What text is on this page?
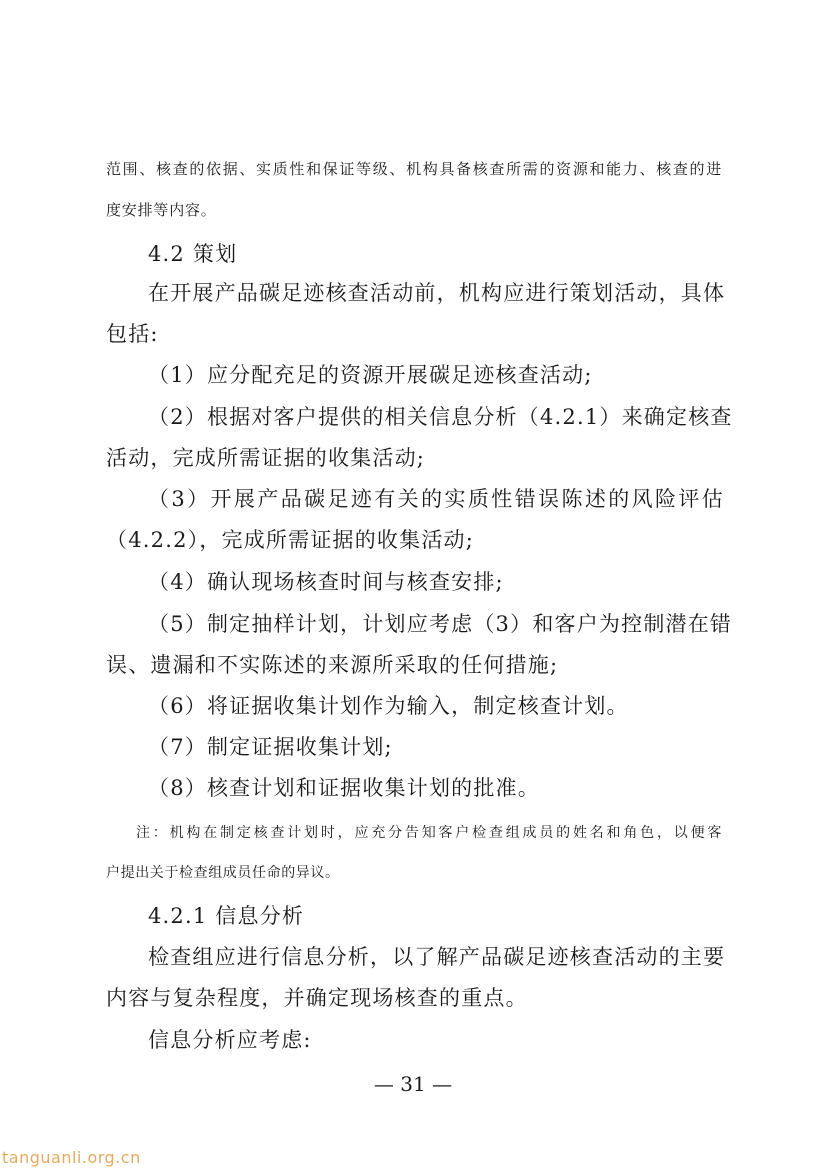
范围、核查的依据、实质性和保证等级、机构具备核查所需的资源和能力、核查的进
度安排等内容。
4.2 策划
在开展产品碳足迹核查活动前，机构应进行策划活动，具体
包括:
（1）应分配充足的资源开展碳足迹核查活动;
（2）根据对客户提供的相关信息分析（4.2.1）来确定核查
活动，完成所需证据的收集活动;
（3）开展产品碳足迹有关的实质性错误陈述的风险评估
（4.2.2），完成所需证据的收集活动;
（4）确认现场核查时间与核查安排;
（5）制定抽样计划，计划应考虑（3）和客户为控制潜在错
误、遗漏和不实陈述的来源所采取的任何措施;
（6）将证据收集计划作为输入，制定核查计划。
（7）制定证据收集计划;
（8）核查计划和证据收集计划的批准。
注：机构在制定核查计划时，应充分告知客户检查组成员的姓名和角色，以便客
户提出关于检查组成员任命的异议。
4.2.1 信息分析
检查组应进行信息分析，以了解产品碳足迹核查活动的主要
内容与复杂程度，并确定现场核查的重点。
信息分析应考虑:
— 31 —
tanguanli.org.cn
